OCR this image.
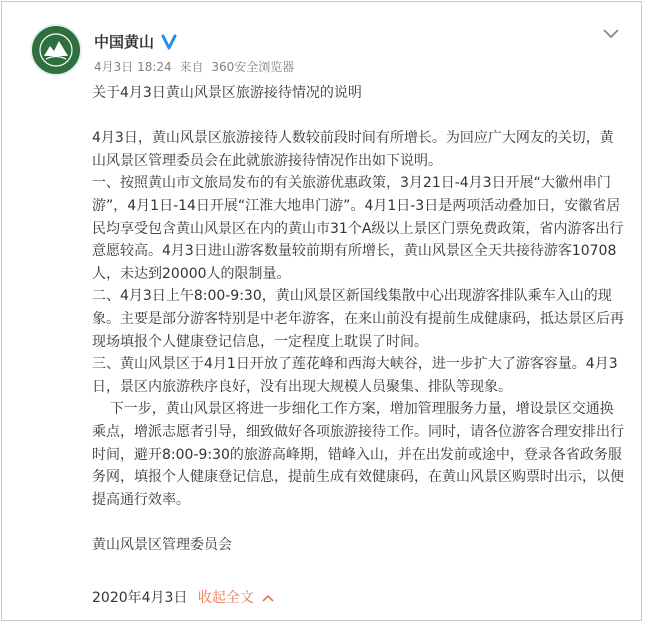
中国黄山
4月3日 18:24 来自 360安全浏览器

关于4月3日黄山风景区旅游接待情况的说明

4月3日，黄山风景区旅游接待人数较前段时间有所增长。为回应广大网友的关切，黄山风景区管理委员会在此就旅游接待情况作出如下说明。

一、按照黄山市文旅局发布的有关旅游优惠政策，3月21日-4月3日开展“大徽州串门游”，4月1日-14日开展“江淮大地串门游”。4月1日-3日是两项活动叠加日，安徽省居民均享受包含黄山风景区在内的黄山市31个A级以上景区门票免费政策，省内游客出行意愿较高。4月3日进山游客数量较前期有所增长，黄山风景区全天共接待游客10708人，未达到20000人的限制量。

二、4月3日上午8:00-9:30，黄山风景区新国线集散中心出现游客排队乘车入山的现象。主要是部分游客特别是中老年游客，在来山前没有提前生成健康码，抵达景区后再现场填报个人健康登记信息，一定程度上耽误了时间。

三、黄山风景区于4月1日开放了莲花峰和西海大峡谷，进一步扩大了游客容量。4月3日，景区内旅游秩序良好，没有出现大规模人员聚集、排队等现象。

下一步，黄山风景区将进一步细化工作方案，增加管理服务力量，增设景区交通换乘点，增派志愿者引导，细致做好各项旅游接待工作。同时，请各位游客合理安排出行时间，避开8:00-9:30的旅游高峰期，错峰入山，并在出发前或途中，登录各省政务服务网，填报个人健康登记信息，提前生成有效健康码，在黄山风景区购票时出示，以便提高通行效率。

黄山风景区管理委员会

2020年4月3日 收起全文
